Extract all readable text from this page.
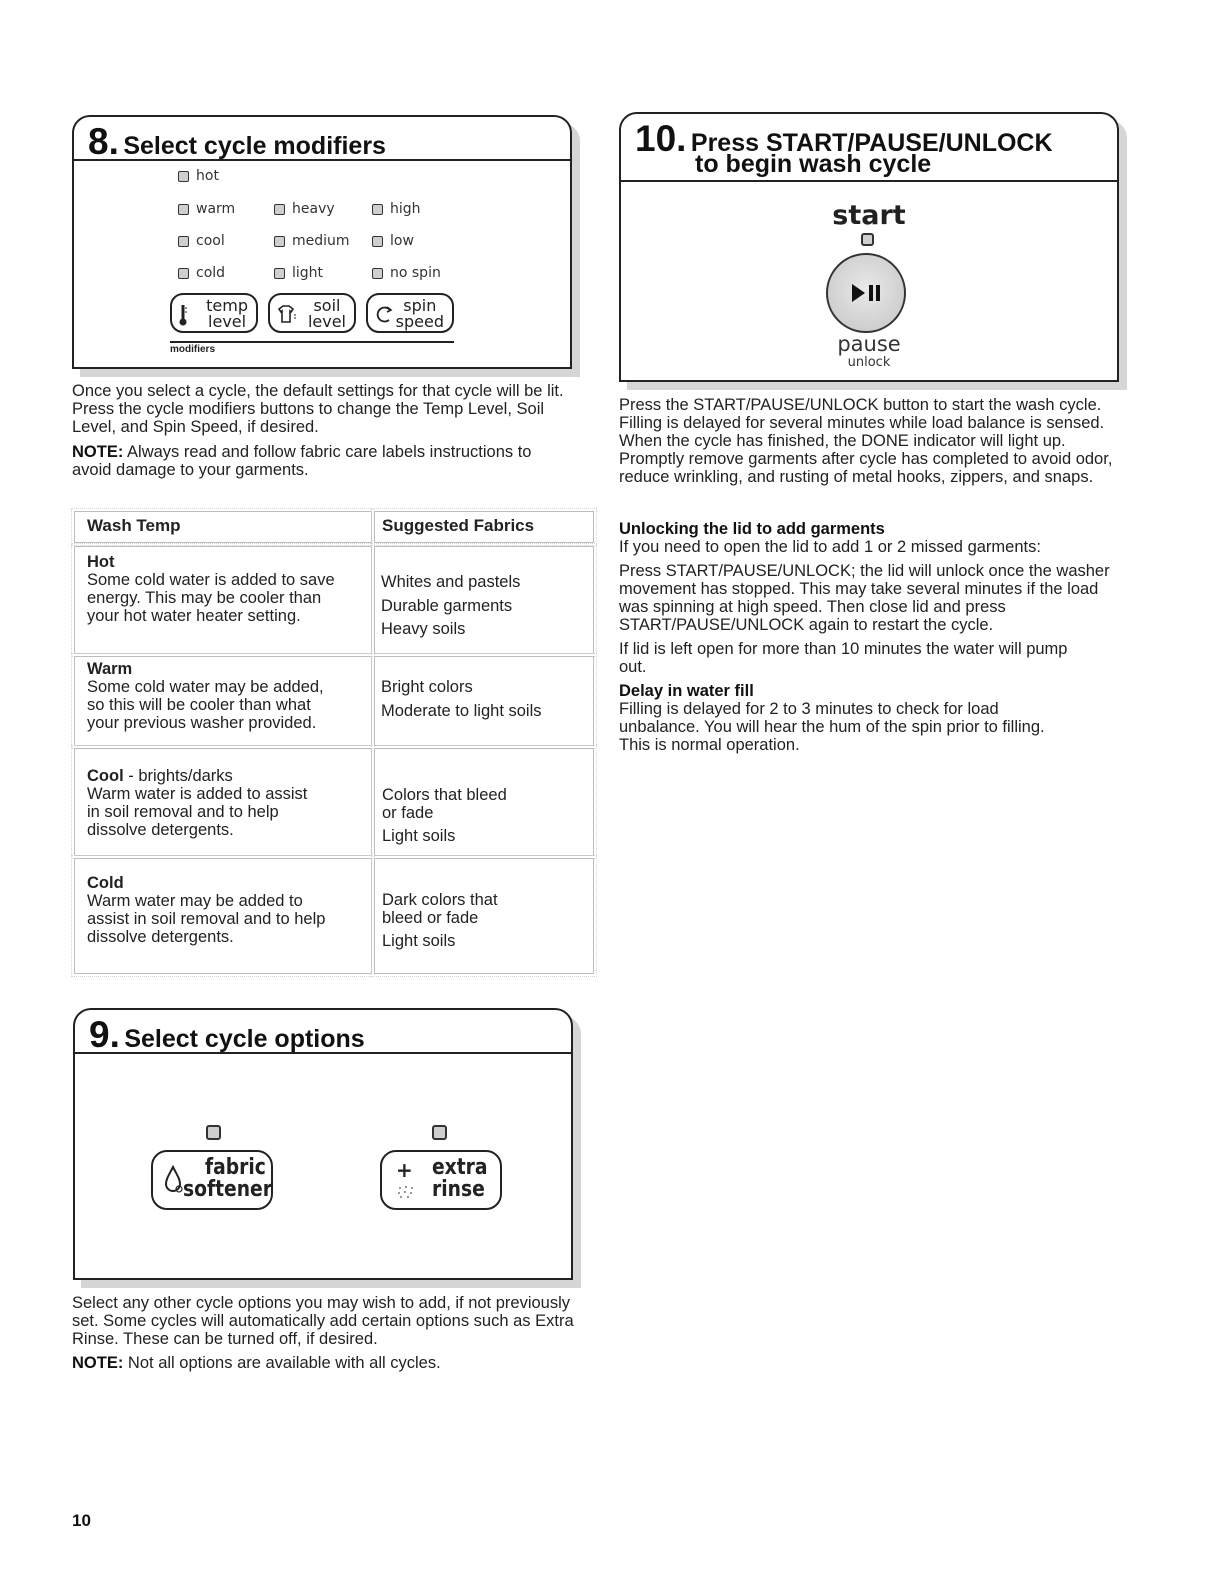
8. Select cycle modifiers
hot
warm
cool
cold
heavy
medium
light
high
low
no spin
temp
level
soil
level
spin
speed
modifiers
Once you select a cycle, the default settings for that cycle will be lit. Press the cycle modifiers buttons to change the Temp Level, Soil Level, and Spin Speed, if desired.
NOTE: Always read and follow fabric care labels instructions to avoid damage to your garments.
Wash Temp	Suggested Fabrics
Hot
Some cold water is added to save
energy. This may be cooler than
your hot water heater setting.
Whites and pastels
Durable garments
Heavy soils
Warm
Some cold water may be added,
so this will be cooler than what
your previous washer provided.
Bright colors
Moderate to light soils
Cool - brights/darks
Warm water is added to assist
in soil removal and to help
dissolve detergents.
Colors that bleed
or fade
Light soils
Cold
Warm water may be added to
assist in soil removal and to help
dissolve detergents.
Dark colors that
bleed or fade
Light soils
9. Select cycle options
fabric
softener
+ extra
rinse
Select any other cycle options you may wish to add, if not previously set. Some cycles will automatically add certain options such as Extra Rinse. These can be turned off, if desired.
NOTE: Not all options are available with all cycles.
10. Press START/PAUSE/UNLOCK
to begin wash cycle
start
pause
unlock
Press the START/PAUSE/UNLOCK button to start the wash cycle. Filling is delayed for several minutes while load balance is sensed. When the cycle has finished, the DONE indicator will light up. Promptly remove garments after cycle has completed to avoid odor, reduce wrinkling, and rusting of metal hooks, zippers, and snaps.
Unlocking the lid to add garments
If you need to open the lid to add 1 or 2 missed garments:
Press START/PAUSE/UNLOCK; the lid will unlock once the washer movement has stopped. This may take several minutes if the load was spinning at high speed. Then close lid and press START/PAUSE/UNLOCK again to restart the cycle.
If lid is left open for more than 10 minutes the water will pump out.
Delay in water fill
Filling is delayed for 2 to 3 minutes to check for load unbalance. You will hear the hum of the spin prior to filling. This is normal operation.
10
